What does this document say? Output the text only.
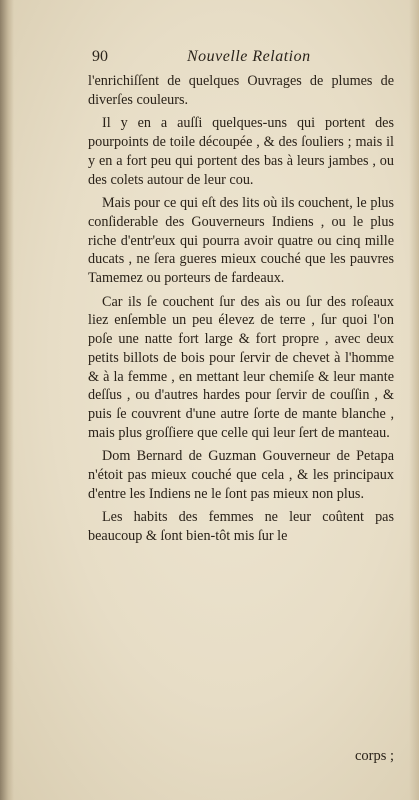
90	Nouvelle Relation

l'enrichiſſent de quelques Ouvrages de plumes de diverſes couleurs.

Il y en a auſſi quelques-uns qui portent des pourpoints de toile découpée , & des ſouliers ; mais il y en a fort peu qui portent des bas à leurs jambes , ou des colets autour de leur cou.

Mais pour ce qui eſt des lits où ils couchent, le plus conſiderable des Gouverneurs Indiens , ou le plus riche d'entr'eux qui pourra avoir quatre ou cinq mille ducats , ne ſera gueres mieux couché que les pauvres Tamemez ou porteurs de fardeaux.

Car ils ſe couchent ſur des aìs ou ſur des roſeaux liez enſemble un peu élevez de terre , ſur quoi l'on poſe une natte fort large & fort propre , avec deux petits billots de bois pour ſervir de chevet à l'homme & à la femme , en mettant leur chemiſe & leur mante deſſus , ou d'autres hardes pour ſervir de couſſin , & puis ſe couvrent d'une autre ſorte de mante blanche , mais plus groſſiere que celle qui leur ſert de manteau.

Dom Bernard de Guzman Gouverneur de Petapa n'étoit pas mieux couché que cela , & les principaux d'entre les Indiens ne le ſont pas mieux non plus.

Les habits des femmes ne leur coûtent pas beaucoup & ſont bien-tôt mis ſur le

corps ;
